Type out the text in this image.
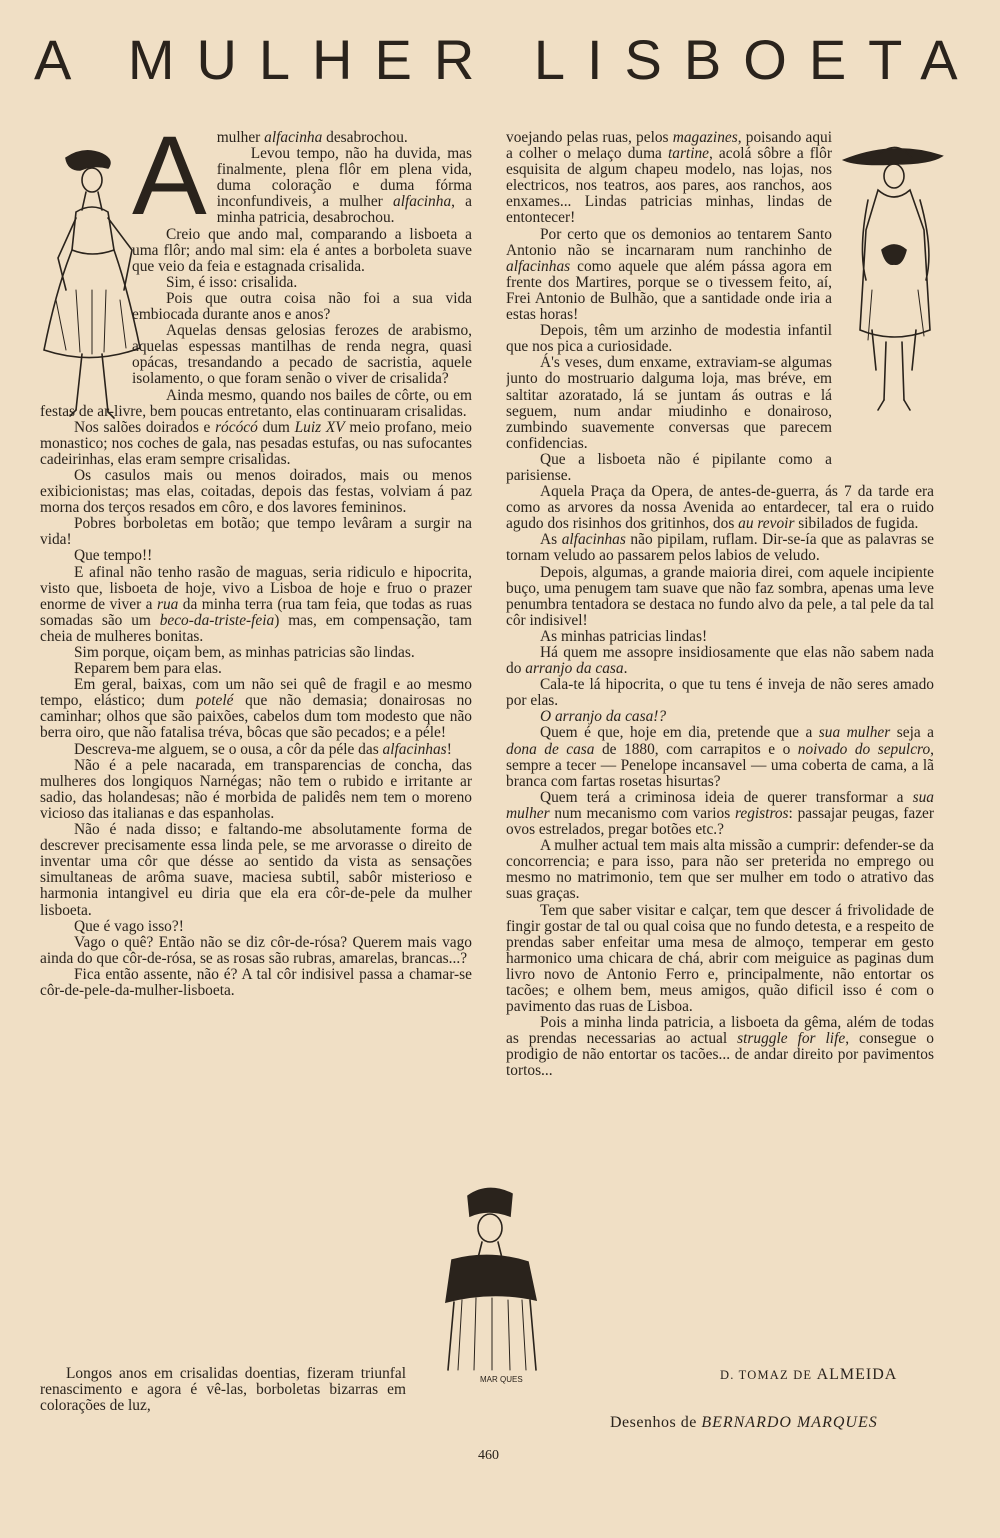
A MULHER LISBOETA
MAR QUES
A mulher alfacinha desabrochou.

Levou tempo, não ha duvida, mas finalmente, plena flôr em plena vida, duma coloração e duma fórma inconfundiveis, a mulher alfacinha, a minha patricia, desabrochou.

Creio que ando mal, comparando a lisboeta a uma flôr; ando mal sim: ela é antes a borboleta suave que veio da feia e estagnada crisalida.

Sim, é isso: crisalida.

Pois que outra coisa não foi a sua vida embiocada durante anos e anos?

Aquelas densas gelosias ferozes de arabismo, aquelas espessas mantilhas de renda negra, quasi opácas, tresandando a pecado de sacristia, aquele isolamento, o que foram senão o viver de crisalida?

Ainda mesmo, quando nos bailes de côrte, ou em festas de ar-livre, bem poucas entretanto, elas continuaram crisalidas.

Nos salões doirados e rócócó dum Luiz XV meio profano, meio monastico; nos coches de gala, nas pesadas estufas, ou nas sufocantes cadeirinhas, elas eram sempre crisalidas.

Os casulos mais ou menos doirados, mais ou menos exibicionistas; mas elas, coitadas, depois das festas, volviam á paz morna dos terços resados em côro, e dos lavores femininos.

Pobres borboletas em botão; que tempo levâram a surgir na vida!

Que tempo!!

E afinal não tenho rasão de maguas, seria ridiculo e hipocrita, visto que, lisboeta de hoje, vivo a Lisboa de hoje e fruo o prazer enorme de viver a rua da minha terra (rua tam feia, que todas as ruas somadas são um beco-da-triste-feia) mas, em compensação, tam cheia de mulheres bonitas.

Sim porque, oiçam bem, as minhas patricias são lindas.

Reparem bem para elas.

Em geral, baixas, com um não sei quê de fragil e ao mesmo tempo, elástico; dum potelé que não demasia; donairosas no caminhar; olhos que são paixões, cabelos dum tom modesto que não berra oiro, que não fatalisa tréva, bôcas que são pecados; e a péle!

Descreva-me alguem, se o ousa, a côr da péle das alfacinhas!

Não é a pele nacarada, em transparencias de concha, das mulheres dos longiquos Narnégas; não tem o rubido e irritante ar sadio, das holandesas; não é morbida de palidês nem tem o moreno vicioso das italianas e das espanholas.

Não é nada disso; e faltando-me absolutamente forma de descrever precisamente essa linda pele, se me arvorasse o direito de inventar uma côr que désse ao sentido da vista as sensações simultaneas de arôma suave, maciesa subtil, sabôr misterioso e harmonia intangivel eu diria que ela era côr-de-pele da mulher lisboeta.

Que é vago isso?!

Vago o quê? Então não se diz côr-de-rósa? Querem mais vago ainda do que côr-de-rósa, se as rosas são rubras, amarelas, brancas...?

Fica então assente, não é? A tal côr indisivel passa a chamar-se côr-de-pele-da-mulher-lisboeta.

Longos anos em crisalidas doentias, fizeram triunfal renascimento e agora é vê-las, borboletas bizarras em colorações de luz,

voejando pelas ruas, pelos magazines, poisando aqui a colher o melaço duma tartine, acolá sôbre a flôr esquisita de algum chapeu modelo, nas lojas, nos electricos, nos teatros, aos pares, aos ranchos, aos enxames... Lindas patricias minhas, lindas de entontecer!

Por certo que os demonios ao tentarem Santo Antonio não se incarnaram num ranchinho de alfacinhas como aquele que além pássa agora em frente dos Martires, porque se o tivessem feito, aí, Frei Antonio de Bulhão, que a santidade onde iria a estas horas!

Depois, têm um arzinho de modestia infantil que nos pica a curiosidade.

Á's veses, dum enxame, extraviam-se algumas junto do mostruario dalguma loja, mas bréve, em saltitar azoratado, lá se juntam ás outras e lá seguem, num andar miudinho e donairoso, zumbindo suavemente conversas que parecem confidencias.

Que a lisboeta não é pipilante como a parisiense.

Aquela Praça da Opera, de antes-de-guerra, ás 7 da tarde era como as arvores da nossa Avenida ao entardecer, tal era o ruido agudo dos risinhos dos gritinhos, dos au revoir sibilados de fugida.

As alfacinhas não pipilam, ruflam. Dir-se-ía que as palavras se tornam veludo ao passarem pelos labios de veludo.

Depois, algumas, a grande maioria direi, com aquele incipiente buço, uma penugem tam suave que não faz sombra, apenas uma leve penumbra tentadora se destaca no fundo alvo da pele, a tal pele da tal côr indisivel!

As minhas patricias lindas!

Há quem me assopre insidiosamente que elas não sabem nada do arranjo da casa.

Cala-te lá hipocrita, o que tu tens é inveja de não seres amado por elas.

O arranjo da casa!?

Quem é que, hoje em dia, pretende que a sua mulher seja a dona de casa de 1880, com carrapitos e o noivado do sepulcro, sempre a tecer — Penelope incansavel — uma coberta de cama, a lã branca com fartas rosetas hisurtas?

Quem terá a criminosa ideia de querer transformar a sua mulher num mecanismo com varios registros: passajar peugas, fazer ovos estrelados, pregar botões etc.?

A mulher actual tem mais alta missão a cumprir: defender-se da concorrencia; e para isso, para não ser preterida no emprego ou mesmo no matrimonio, tem que ser mulher em todo o atrativo das suas graças.

Tem que saber visitar e calçar, tem que descer á frivolidade de fingir gostar de tal ou qual coisa que no fundo detesta, e a respeito de prendas saber enfeitar uma mesa de almoço, temperar em gesto harmonico uma chicara de chá, abrir com meiguice as paginas dum livro novo de Antonio Ferro e, principalmente, não entortar os tacões; e olhem bem, meus amigos, quão dificil isso é com o pavimento das ruas de Lisboa.

Pois a minha linda patricia, a lisboeta da gêma, além de todas as prendas necessarias ao actual struggle for life, consegue o prodigio de não entortar os tacões... de andar direito por pavimentos tortos...

D. TOMAZ DE ALMEIDA
Desenhos de BERNARDO MARQUES
460
